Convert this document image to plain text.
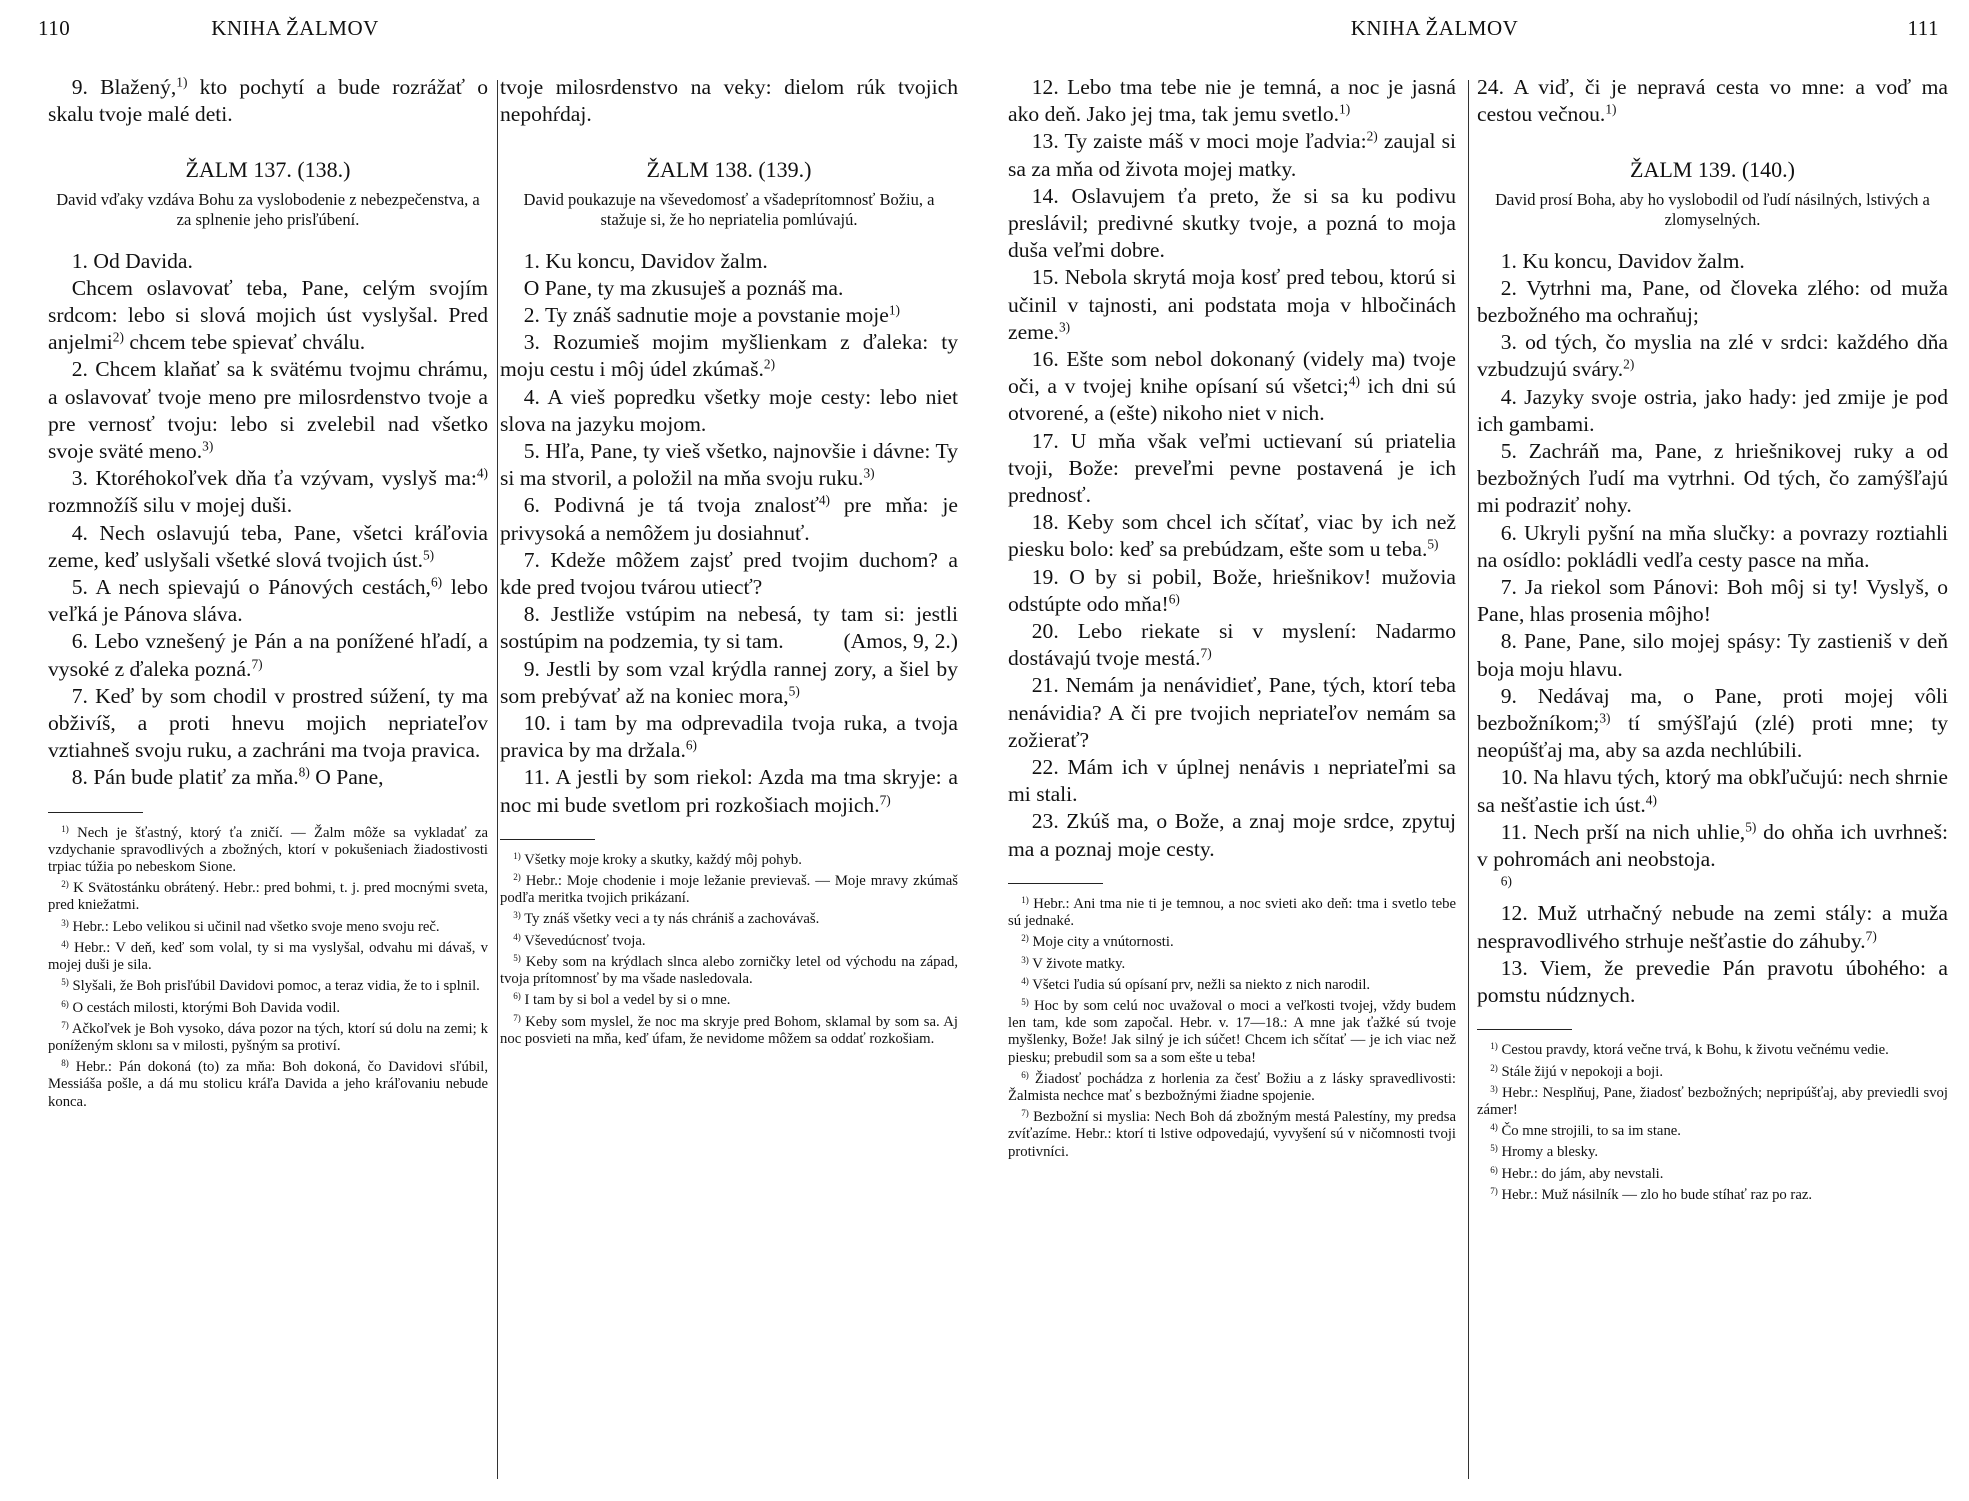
110	KNIHA ŽALMOV

9. Blažený,$^{1)}$ kto pochytí a bude rozrážať o skalu tvoje malé deti.

ŽALM 137. (138.)
David vďaky vzdáva Bohu za vyslobodenie z nebezpečenstva, a za splnenie jeho prisľúbení.

1. Od Davida.

Chcem oslavovať teba, Pane, celým svojím srdcom: lebo si slová mojich úst vyslyšal. Pred anjelmi$^{2)}$ chcem tebe spievať chválu.

2. Chcem klaňať sa k svätému tvojmu chrámu, a oslavovať tvoje meno pre milosrdenstvo tvoje a pre vernosť tvoju: lebo si zvelebil nad všetko svoje sväté meno.$^{3)}$

3. Ktoréhokoľvek dňa ťa vzývam, vyslyš ma:$^{4)}$ rozmnožíš silu v mojej duši.

4. Nech oslavujú teba, Pane, všetci kráľovia zeme, keď uslyšali všetké slová tvojich úst.$^{5)}$

5. A nech spievajú o Pánových cestách,$^{6)}$ lebo veľká je Pánova sláva.

6. Lebo vznešený je Pán a na ponížené hľadí, a vysoké z ďaleka pozná.$^{7)}$

7. Keď by som chodil v prostred súžení, ty ma obživíš, a proti hnevu mojich nepriateľov vztiahneš svoju ruku, a zachráni ma tvoja pravica.

8. Pán bude platiť za mňa.$^{8)}$ O Pane,

$^{1)}$ Nech je šťastný, ktorý ťa zničí. — Žalm môže sa vykladať za vzdychanie spravodlivých a zbožných, ktorí v pokušeniach žiadostivosti trpiac túžia po nebeskom Sione.

$^{2)}$ K Svätostánku obrátený. Hebr.: pred bohmi, t. j. pred mocnými sveta, pred kniežatmi.

$^{3)}$ Hebr.: Lebo velikou si učinil nad všetko svoje meno svoju reč.

$^{4)}$ Hebr.: V deň, keď som volal, ty si ma vyslyšal, odvahu mi dávaš, v mojej duši je sila.

$^{5)}$ Slyšali, že Boh prisľúbil Davidovi pomoc, a teraz vidia, že to i splnil.

$^{6)}$ O cestách milosti, ktorými Boh Davida vodil.

$^{7)}$ Ačkoľvek je Boh vysoko, dáva pozor na tých, ktorí sú dolu na zemi; k poníženým sklonı sa v milosti, pyšným sa protiví.

$^{8)}$ Hebr.: Pán dokoná (to) za mňa: Boh dokoná, čo Davidovi sľúbil, Messiáša pošle, a dá mu stolicu kráľa Davida a jeho kráľovaniu nebude konca.

tvoje milosrdenstvo na veky: dielom rúk tvojich nepohŕdaj.

ŽALM 138. (139.)
David poukazuje na vševedomosť a všadeprítomnosť Božiu, a stažuje si, že ho nepriatelia pomlúvajú.

1. Ku koncu, Davidov žalm.

O Pane, ty ma zkusuješ a poznáš ma.

2. Ty znáš sadnutie moje a povstanie moje$^{1)}$

3. Rozumieš mojim myšlienkam z ďaleka: ty moju cestu i môj údel zkúmaš.$^{2)}$

4. A vieš popredku všetky moje cesty: lebo niet slova na jazyku mojom.

5. Hľa, Pane, ty vieš všetko, najnovšie i dávne: Ty si ma stvoril, a položil na mňa svoju ruku.$^{3)}$

6. Podivná je tá tvoja znalosť$^{4)}$ pre mňa: je privysoká a nemôžem ju dosiahnuť.

7. Kdeže môžem zajsť pred tvojim duchom? a kde pred tvojou tvárou utiecť?

8. Jestliže vstúpim na nebesá, ty tam si: jestli sostúpim na podzemia, ty si tam.	(Amos, 9, 2.)

9. Jestli by som vzal krýdla rannej zory, a šiel by som prebývať až na koniec mora,$^{5)}$

10. i tam by ma odprevadila tvoja ruka, a tvoja pravica by ma držala.$^{6)}$

11. A jestli by som riekol: Azda ma tma skryje: a noc mi bude svetlom pri rozkošiach mojich.$^{7)}$

$^{1)}$ Všetky moje kroky a skutky, každý môj pohyb.

$^{2)}$ Hebr.: Moje chodenie i moje ležanie previevaš. — Moje mravy zkúmaš podľa meritka tvojich prikázaní.

$^{3)}$ Ty znáš všetky veci a ty nás chrániš a zachovávaš.

$^{4)}$ Vševedúcnosť tvoja.

$^{5)}$ Keby som na krýdlach slnca alebo zorničky letel od východu na západ, tvoja prítomnosť by ma všade nasledovala.

$^{6)}$ I tam by si bol a vedel by si o mne.

$^{7)}$ Keby som myslel, že noc ma skryje pred Bohom, sklamal by som sa. Aj noc posvieti na mňa, keď úfam, že nevidome môžem sa oddať rozkošiam.

KNIHA ŽALMOV	111

12. Lebo tma tebe nie je temná, a noc je jasná ako deň. Jako jej tma, tak jemu svetlo.$^{1)}$

13. Ty zaiste máš v moci moje ľadvia:$^{2)}$ zaujal si sa za mňa od života mojej matky.

14. Oslavujem ťa preto, že si sa ku podivu preslávil; predivné skutky tvoje, a pozná to moja duša veľmi dobre.

15. Nebola skrytá moja kosť pred tebou, ktorú si učinil v tajnosti, ani podstata moja v hlbočinách zeme.$^{3)}$

16. Ešte som nebol dokonaný (videly ma) tvoje oči, a v tvojej knihe opísaní sú všetci;$^{4)}$ ich dni sú otvorené, a (ešte) nikoho niet v nich.

17. U mňa však veľmi uctievaní sú priatelia tvoji, Bože: preveľmi pevne postavená je ich prednosť.

18. Keby som chcel ich sčítať, viac by ich než piesku bolo: keď sa prebúdzam, ešte som u teba.$^{5)}$

19. O by si pobil, Bože, hriešnikov! mužovia odstúpte odo mňa!$^{6)}$

20. Lebo riekate si v myslení: Nadarmo dostávajú tvoje mestá.$^{7)}$

21. Nemám ja nenávidieť, Pane, tých, ktorí teba nenávidia? A či pre tvojich nepriateľov nemám sa zožierať?

22. Mám ich v úplnej nenávis ı nepriateľmi sa mi stali.

23. Zkúš ma, o Bože, a znaj moje srdce, zpytuj ma a poznaj moje cesty.

$^{1)}$ Hebr.: Ani tma nie ti je temnou, a noc svieti ako deň: tma i svetlo tebe sú jednaké.

$^{2)}$ Moje city a vnútornosti.

$^{3)}$ V živote matky.

$^{4)}$ Všetci ľudia sú opísaní prv, nežli sa niekto z nich narodil.

$^{5)}$ Hoc by som celú noc uvažoval o moci a veľkosti tvojej, vždy budem len tam, kde som započal. Hebr. v. 17—18.: A mne jak ťažké sú tvoje myšlenky, Bože! Jak silný je ich súčet! Chcem ich sčítať — je ich viac než piesku; prebudil som sa a som ešte u teba!

$^{6)}$ Žiadosť pochádza z horlenia za česť Božiu a z lásky spravedlivosti: Žalmista nechce mať s bezbožnými žiadne spojenie.

$^{7)}$ Bezbožní si myslia: Nech Boh dá zbožným mestá Palestíny, my predsa zvíťazíme. Hebr.: ktorí ti lstive odpovedajú, vyvyšení sú v ničomnosti tvoji protivníci.

24. A viď, či je nepravá cesta vo mne: a voď ma cestou večnou.$^{1)}$

ŽALM 139. (140.)
David prosí Boha, aby ho vyslobodil od ľudí násilných, lstivých a zlomyselných.

1. Ku koncu, Davidov žalm.

2. Vytrhni ma, Pane, od človeka zlého: od muža bezbožného ma ochraňuj;

3. od tých, čo myslia na zlé v srdci: každého dňa vzbudzujú sváry.$^{2)}$

4. Jazyky svoje ostria, jako hady: jed zmije je pod ich gambami.

5. Zachráň ma, Pane, z hriešnikovej ruky a od bezbožných ľudí ma vytrhni. Od tých, čo zamýšľajú mi podraziť nohy.

6. Ukryli pyšní na mňa slučky: a povrazy roztiahli na osídlo: pokládli vedľa cesty pasce na mňa.

7. Ja riekol som Pánovi: Boh môj si ty! Vyslyš, o Pane, hlas prosenia môjho!

8. Pane, Pane, silo mojej spásy: Ty zastieniš v deň boja moju hlavu.

9. Nedávaj ma, o Pane, proti mojej vôli bezbožníkom;$^{3)}$ tí smýšľajú (zlé) proti mne; ty neopúšťaj ma, aby sa azda nechlúbili.

10. Na hlavu tých, ktorý ma obkľučujú: nech shrnie sa nešťastie ich úst.$^{4)}$

11. Nech prší na nich uhlie,$^{5)}$ do ohňa ich uvrhneš: v pohromách ani neobstoja.

$^{6)}$

12. Muž utrhačný nebude na zemi stály: a muža nespravodlivého strhuje nešťastie do záhuby.$^{7)}$

13. Viem, že prevedie Pán pravotu úbohého: a pomstu núdznych.

$^{1)}$ Cestou pravdy, ktorá večne trvá, k Bohu, k životu večnému vedie.

$^{2)}$ Stále žijú v nepokoji a boji.

$^{3)}$ Hebr.: Nesplňuj, Pane, žiadosť bezbožných; nepripúšťaj, aby previedli svoj zámer!

$^{4)}$ Čo mne strojili, to sa im stane.

$^{5)}$ Hromy a blesky.

$^{6)}$ Hebr.: do jám, aby nevstali.

$^{7)}$ Hebr.: Muž násilník — zlo ho bude stíhať raz po raz.
